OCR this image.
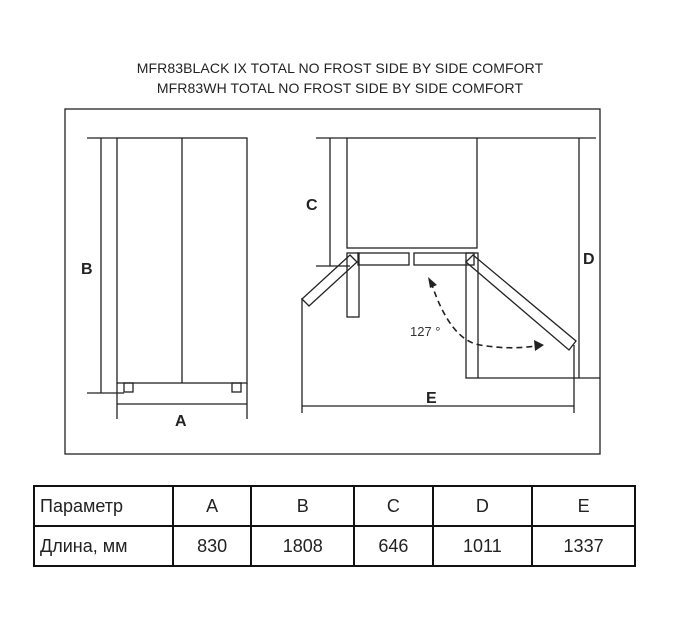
MFR83BLACK IX TOTAL NO FROST SIDE BY SIDE COMFORT
MFR83WH TOTAL NO FROST SIDE BY SIDE COMFORT
B
A
C
D
E
127 °
Параметр	A	B	C	D	E
Длина, мм	830	1808	646	1011	1337
